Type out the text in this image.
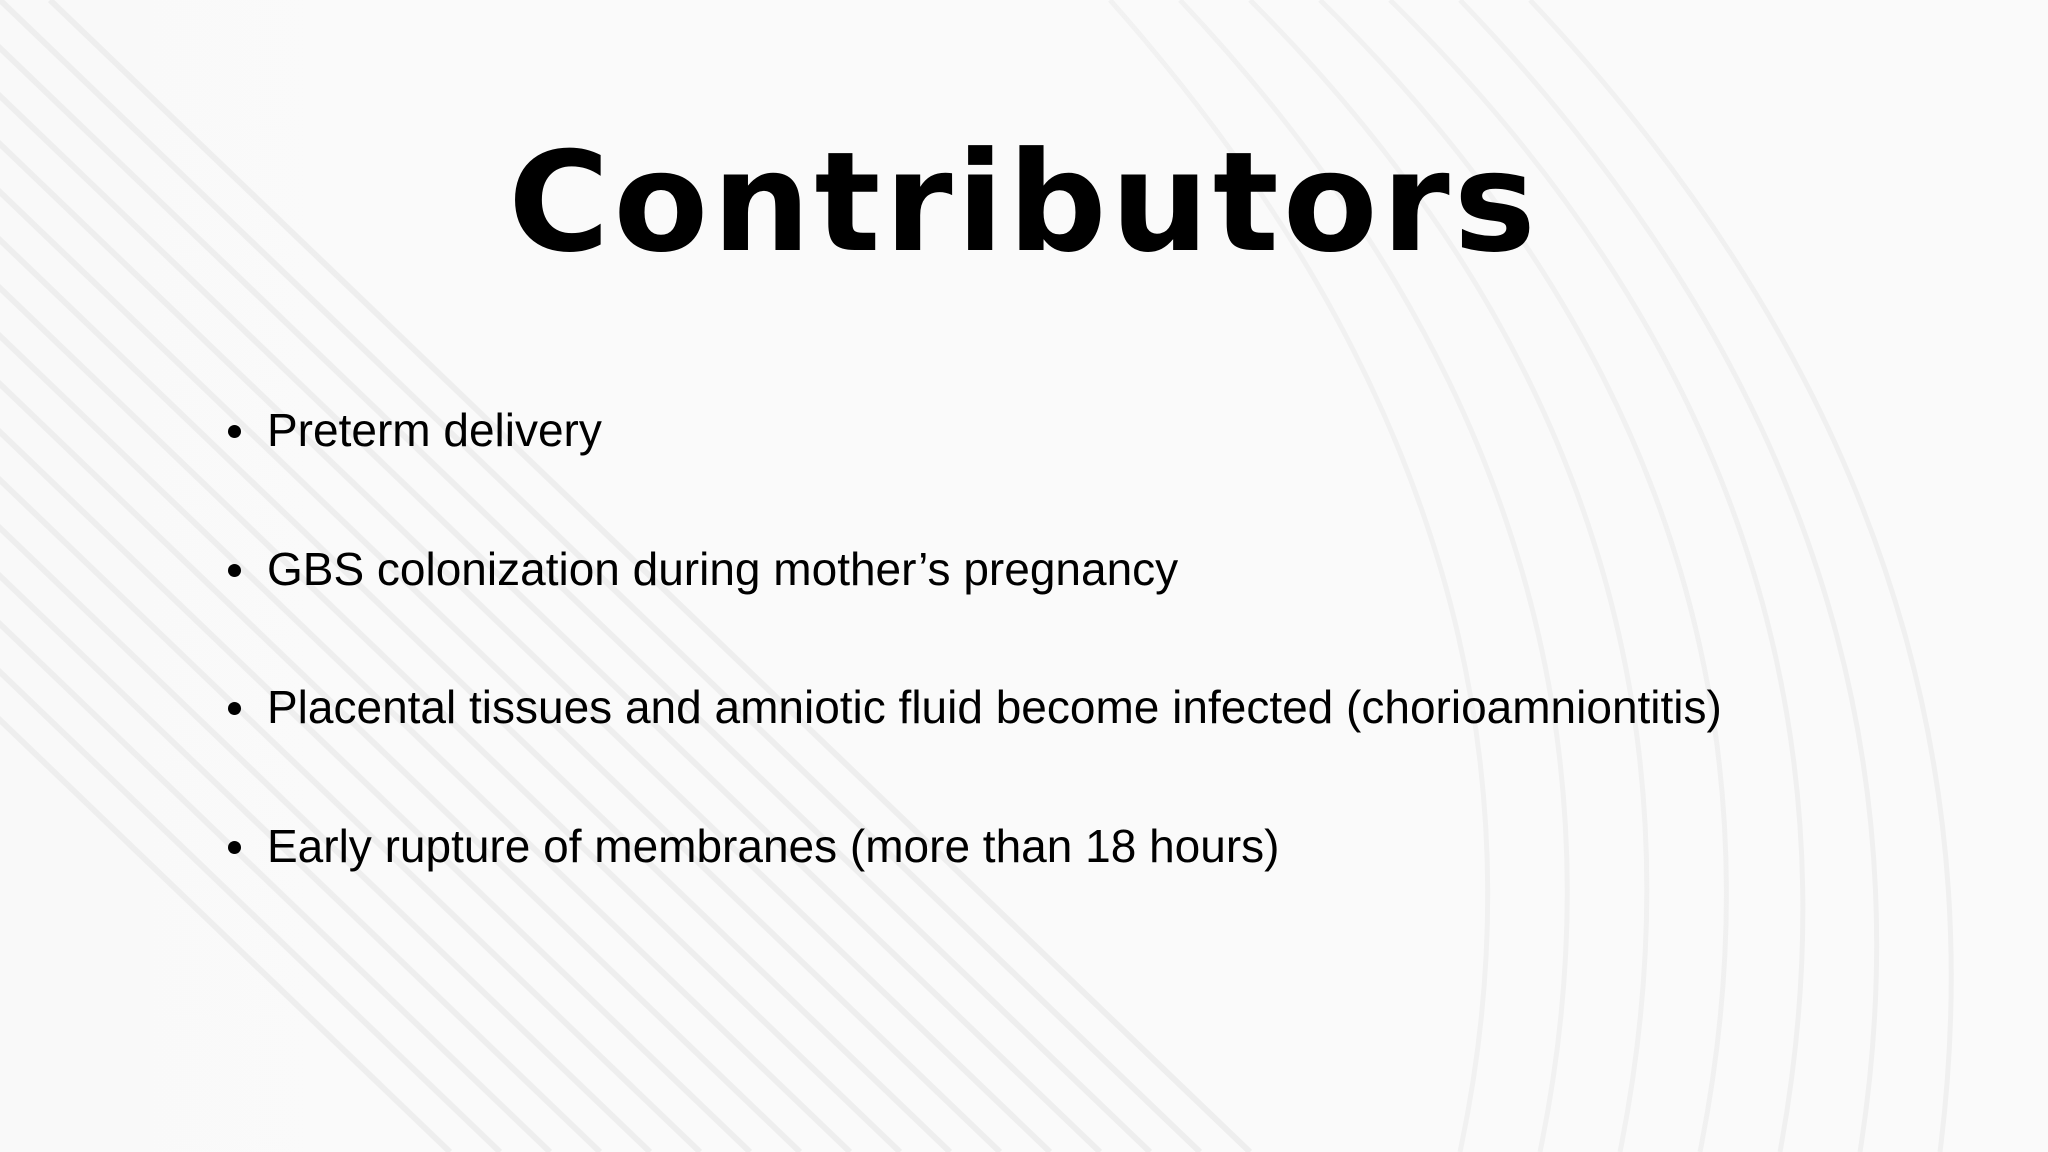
Contributors
Preterm delivery
GBS colonization during mother’s pregnancy
Placental tissues and amniotic fluid become infected (chorioamniontitis)
Early rupture of membranes (more than 18 hours)
